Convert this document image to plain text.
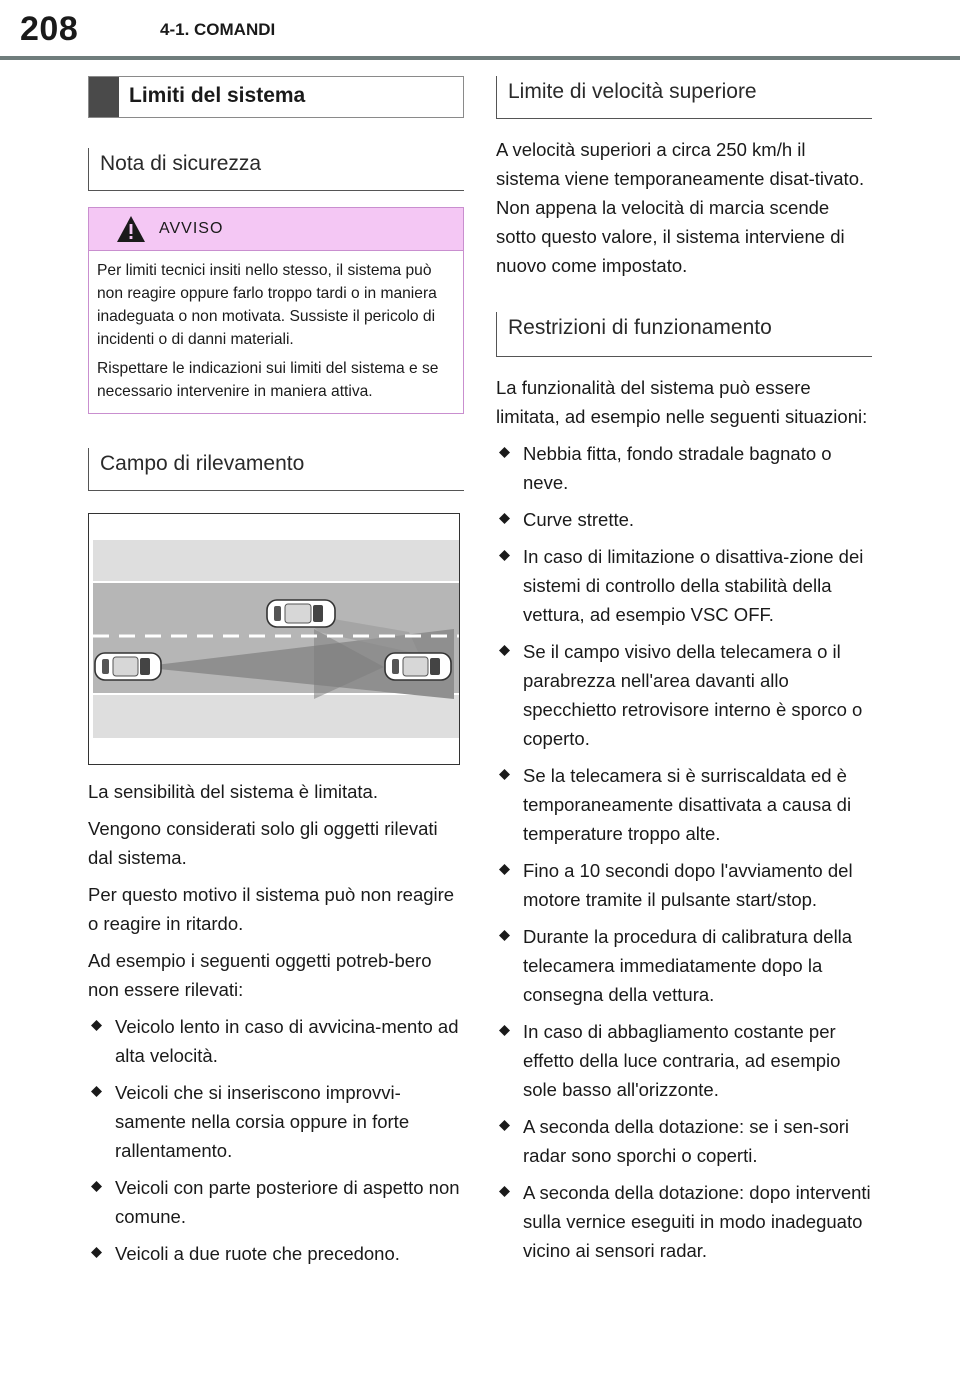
208	4-1. COMANDI
Limiti del sistema
Nota di sicurezza
AVVISO

Per limiti tecnici insiti nello stesso, il sistema può non reagire oppure farlo troppo tardi o in maniera inadeguata o non motivata. Sussiste il pericolo di incidenti o di danni materiali.

Rispettare le indicazioni sui limiti del sistema e se necessario intervenire in maniera attiva.

Campo di rilevamento

La sensibilità del sistema è limitata.

Vengono considerati solo gli oggetti rilevati dal sistema.

Per questo motivo il sistema può non reagire o reagire in ritardo.

Ad esempio i seguenti oggetti potreb-bero non essere rilevati:

Veicolo lento in caso di avvicina-mento ad alta velocità.
Veicoli che si inseriscono improvvi-samente nella corsia oppure in forte rallentamento.
Veicoli con parte posteriore di aspetto non comune.
Veicoli a due ruote che precedono.
Limite di velocità superiore

A velocità superiori a circa 250 km/h il sistema viene temporaneamente disat-tivato. Non appena la velocità di marcia scende sotto questo valore, il sistema interviene di nuovo come impostato.

Restrizioni di funzionamento

La funzionalità del sistema può essere limitata, ad esempio nelle seguenti situazioni:

Nebbia fitta, fondo stradale bagnato o neve.
Curve strette.
In caso di limitazione o disattiva-zione dei sistemi di controllo della stabilità della vettura, ad esempio VSC OFF.
Se il campo visivo della telecamera o il parabrezza nell'area davanti allo specchietto retrovisore interno è sporco o coperto.
Se la telecamera si è surriscaldata ed è temporaneamente disattivata a causa di temperature troppo alte.
Fino a 10 secondi dopo l'avviamento del motore tramite il pulsante start/stop.
Durante la procedura di calibratura della telecamera immediatamente dopo la consegna della vettura.
In caso di abbagliamento costante per effetto della luce contraria, ad esempio sole basso all'orizzonte.
A seconda della dotazione: se i sen-sori radar sono sporchi o coperti.
A seconda della dotazione: dopo interventi sulla vernice eseguiti in modo inadeguato vicino ai sensori radar.
